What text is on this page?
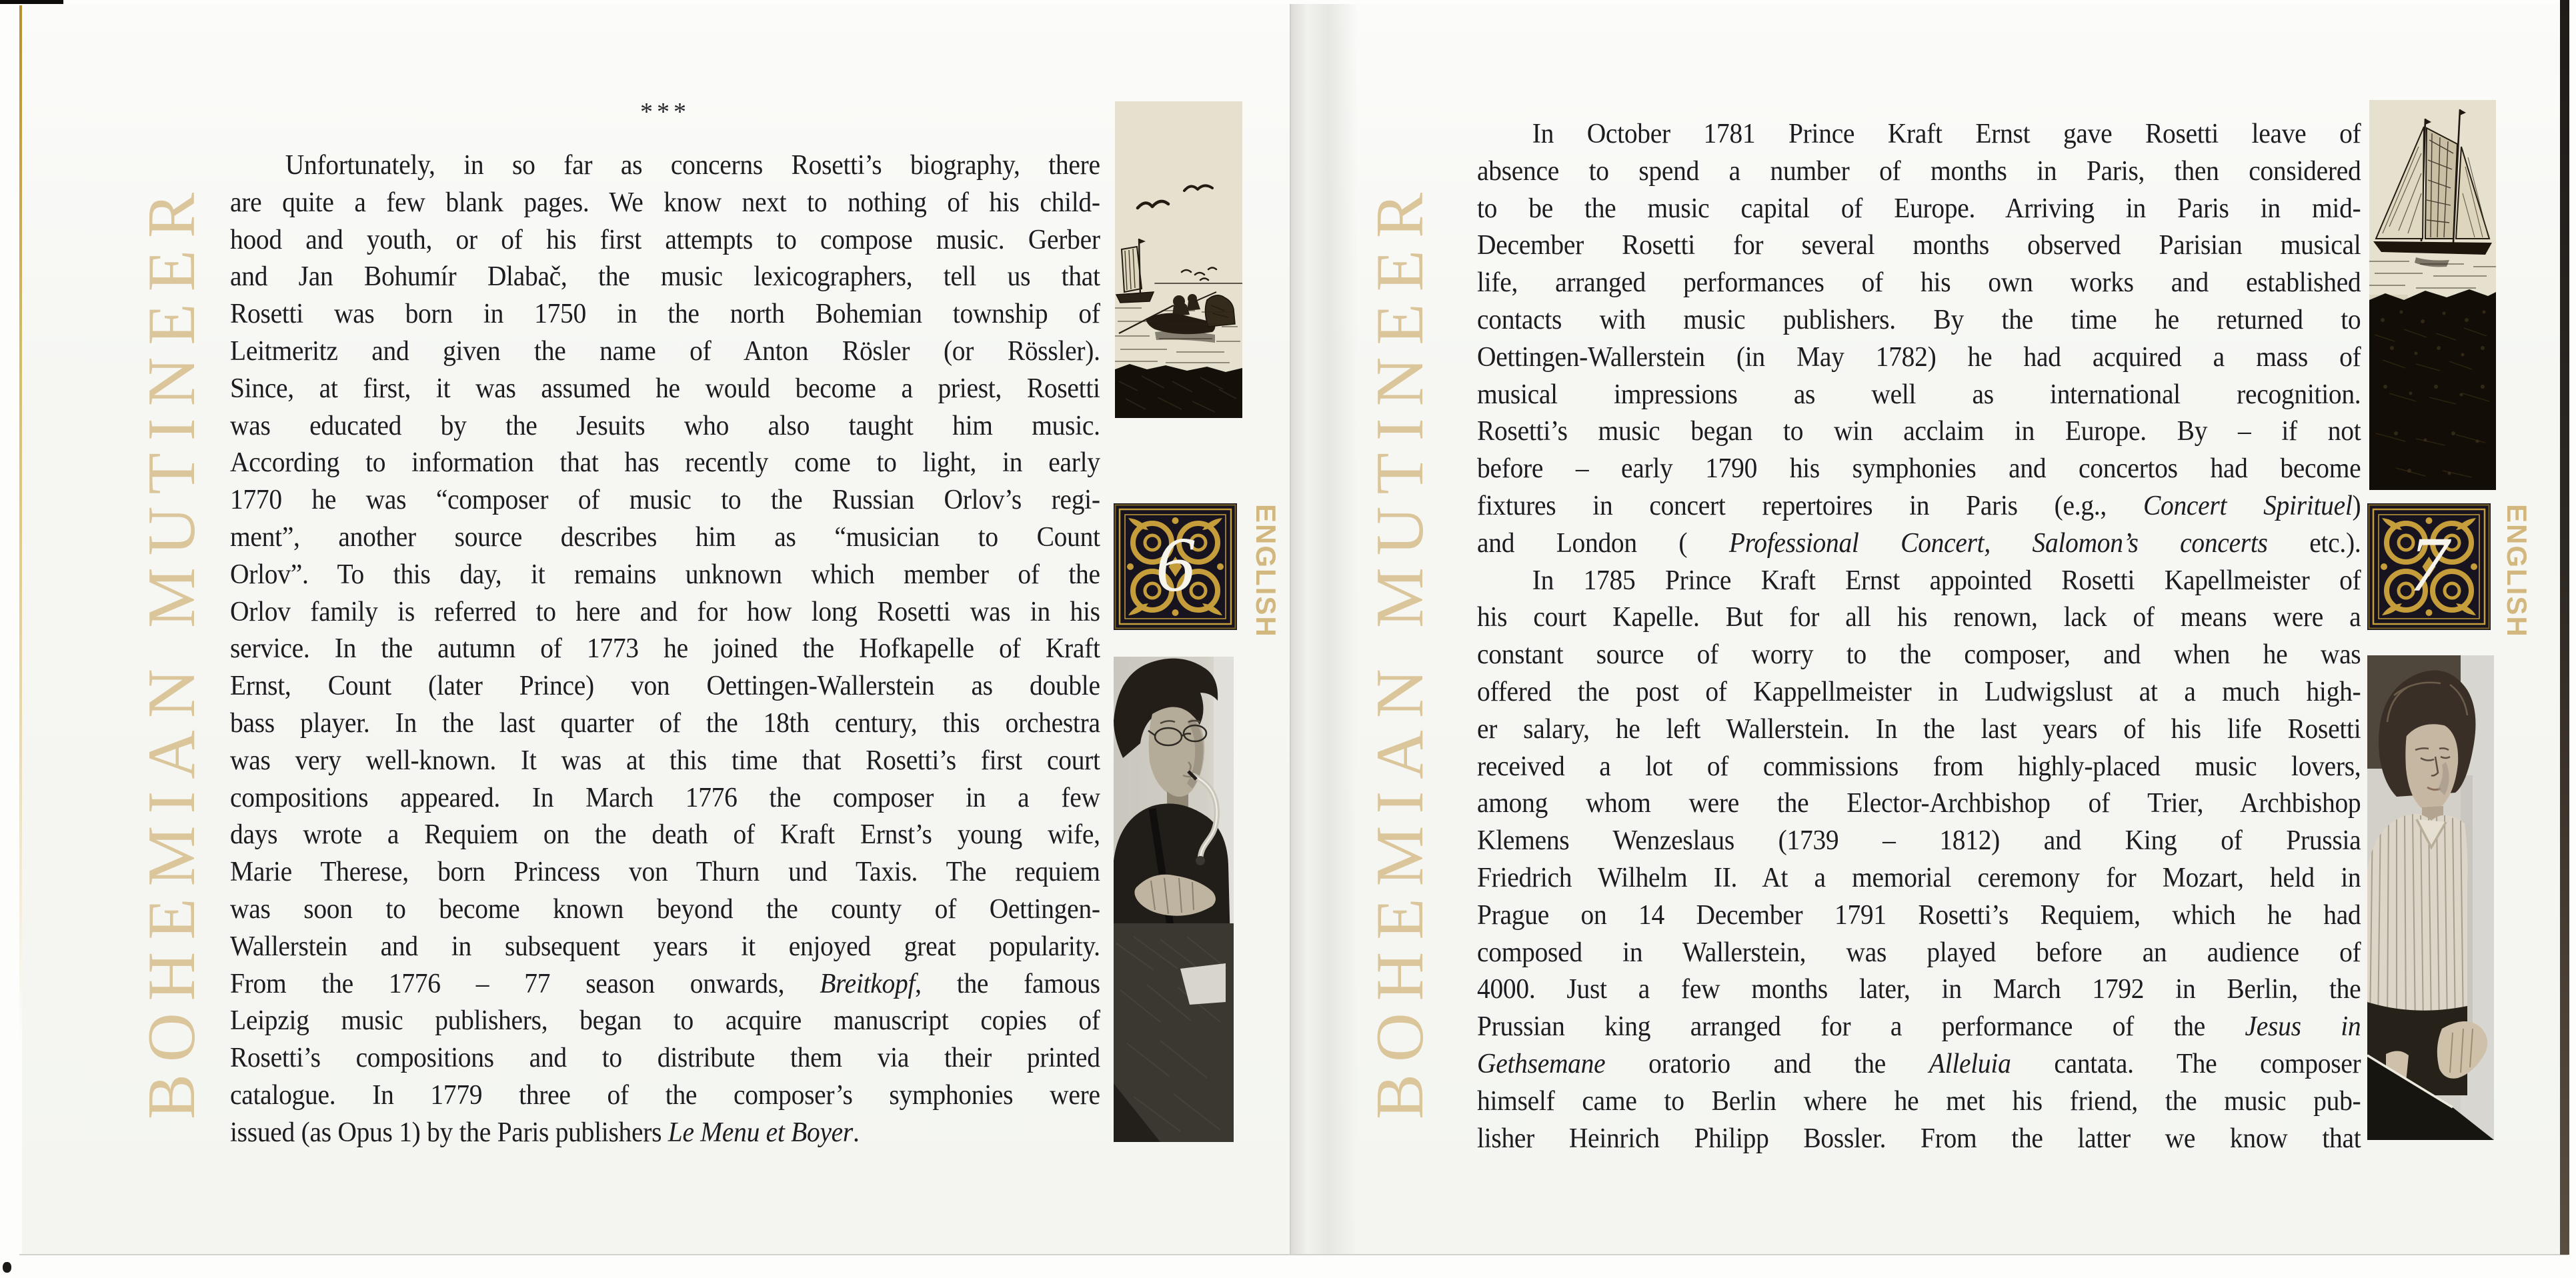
BOHEMIAN MUTINEER
***
Unfortunately, in so far as concerns Rosetti’s biography, there
are quite a few blank pages. We know next to nothing of his child-
hood and youth, or of his first attempts to compose music. Gerber
and Jan Bohumír Dlabač, the music lexicographers, tell us that
Rosetti was born in 1750 in the north Bohemian township of
Leitmeritz and given the name of Anton Rösler (or Rössler).
Since, at first, it was assumed he would become a priest, Rosetti
was educated by the Jesuits who also taught him music.
According to information that has recently come to light, in early
1770 he was “composer of music to the Russian Orlov’s regi-
ment”, another source describes him as “musician to Count
Orlov”. To this day, it remains unknown which member of the
Orlov family is referred to here and for how long Rosetti was in his
service. In the autumn of 1773 he joined the Hofkapelle of Kraft
Ernst, Count (later Prince) von Oettingen-Wallerstein as double
bass player. In the last quarter of the 18th century, this orchestra
was very well-known. It was at this time that Rosetti’s first court
compositions appeared. In March 1776 the composer in a few
days wrote a Requiem on the death of Kraft Ernst’s young wife,
Marie Therese, born Princess von Thurn und Taxis. The requiem
was soon to become known beyond the county of Oettingen-
Wallerstein and in subsequent years it enjoyed great popularity.
From the 1776 – 77 season onwards, Breitkopf, the famous
Leipzig music publishers, began to acquire manuscript copies of
Rosetti’s compositions and to distribute them via their printed
catalogue. In 1779 three of the composer’s symphonies were
issued (as Opus 1) by the Paris publishers Le Menu et Boyer.
6	ENGLISH BOHEMIAN MUTINEER
In October 1781 Prince Kraft Ernst gave Rosetti leave of
absence to spend a number of months in Paris, then considered
to be the music capital of Europe. Arriving in Paris in mid-
December Rosetti for several months observed Parisian musical
life, arranged performances of his own works and established
contacts with music publishers. By the time he returned to
Oettingen-Wallerstein (in May 1782) he had acquired a mass of
musical impressions as well as international recognition.
Rosetti’s music began to win acclaim in Europe. By – if not
before – early 1790 his symphonies and concertos had become
fixtures in concert repertoires in Paris (e.g., Concert Spirituel)
and London ( Professional Concert, Salomon’s concerts etc.).
In 1785 Prince Kraft Ernst appointed Rosetti Kapellmeister of
his court Kapelle. But for all his renown, lack of means were a
constant source of worry to the composer, and when he was
offered the post of Kappellmeister in Ludwigslust at a much high-
er salary, he left Wallerstein. In the last years of his life Rosetti
received a lot of commissions from highly-placed music lovers,
among whom were the Elector-Archbishop of Trier, Archbishop
Klemens Wenzeslaus (1739 – 1812) and King of Prussia
Friedrich Wilhelm II. At a memorial ceremony for Mozart, held in
Prague on 14 December 1791 Rosetti’s Requiem, which he had
composed in Wallerstein, was played before an audience of
4000. Just a few months later, in March 1792 in Berlin, the
Prussian king arranged for a performance of the Jesus in
Gethsemane oratorio and the Alleluia cantata. The composer
himself came to Berlin where he met his friend, the music pub-
lisher Heinrich Philipp Bossler. From the latter we know that
7	ENGLISH
